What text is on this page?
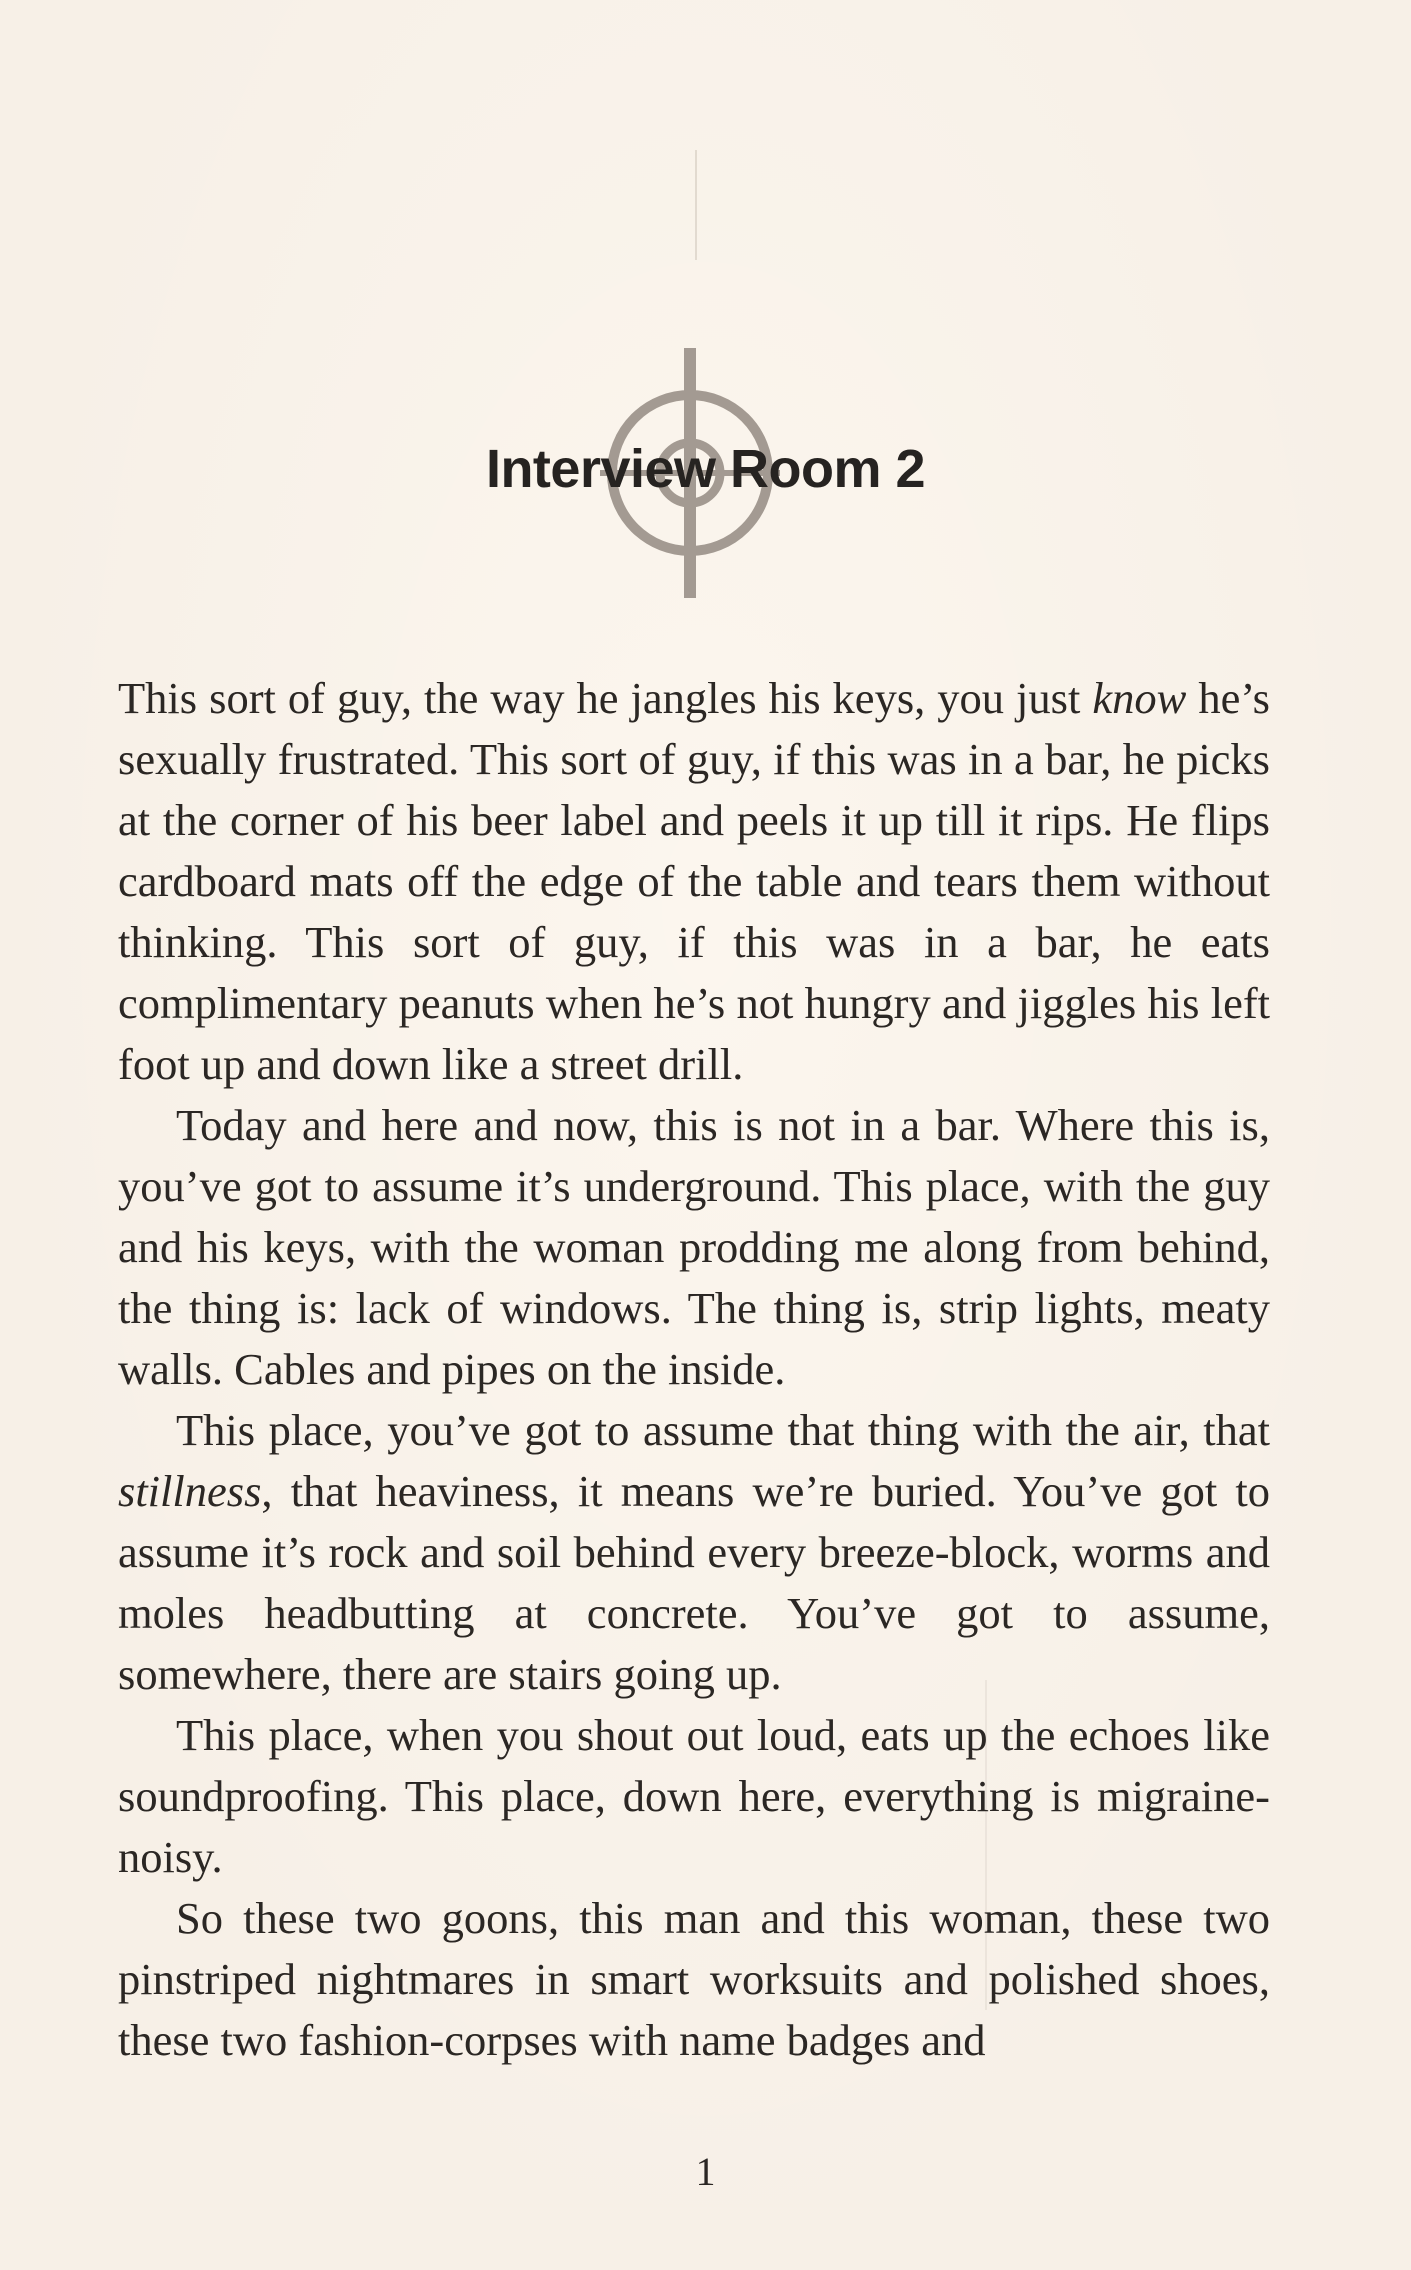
Interview Room 2

This sort of guy, the way he jangles his keys, you just know he’s sexually frustrated. This sort of guy, if this was in a bar, he picks at the corner of his beer label and peels it up till it rips. He flips cardboard mats off the edge of the table and tears them without thinking. This sort of guy, if this was in a bar, he eats complimentary peanuts when he’s not hungry and jiggles his left foot up and down like a street drill.

Today and here and now, this is not in a bar. Where this is, you’ve got to assume it’s underground. This place, with the guy and his keys, with the woman prodding me along from behind, the thing is: lack of windows. The thing is, strip lights, meaty walls. Cables and pipes on the inside.

This place, you’ve got to assume that thing with the air, that stillness, that heaviness, it means we’re buried. You’ve got to assume it’s rock and soil behind every breeze-block, worms and moles headbutting at concrete. You’ve got to assume, somewhere, there are stairs going up.

This place, when you shout out loud, eats up the echoes like soundproofing. This place, down here, everything is migraine-noisy.

So these two goons, this man and this woman, these two pinstriped nightmares in smart worksuits and polished shoes, these two fashion-corpses with name badges and

1
